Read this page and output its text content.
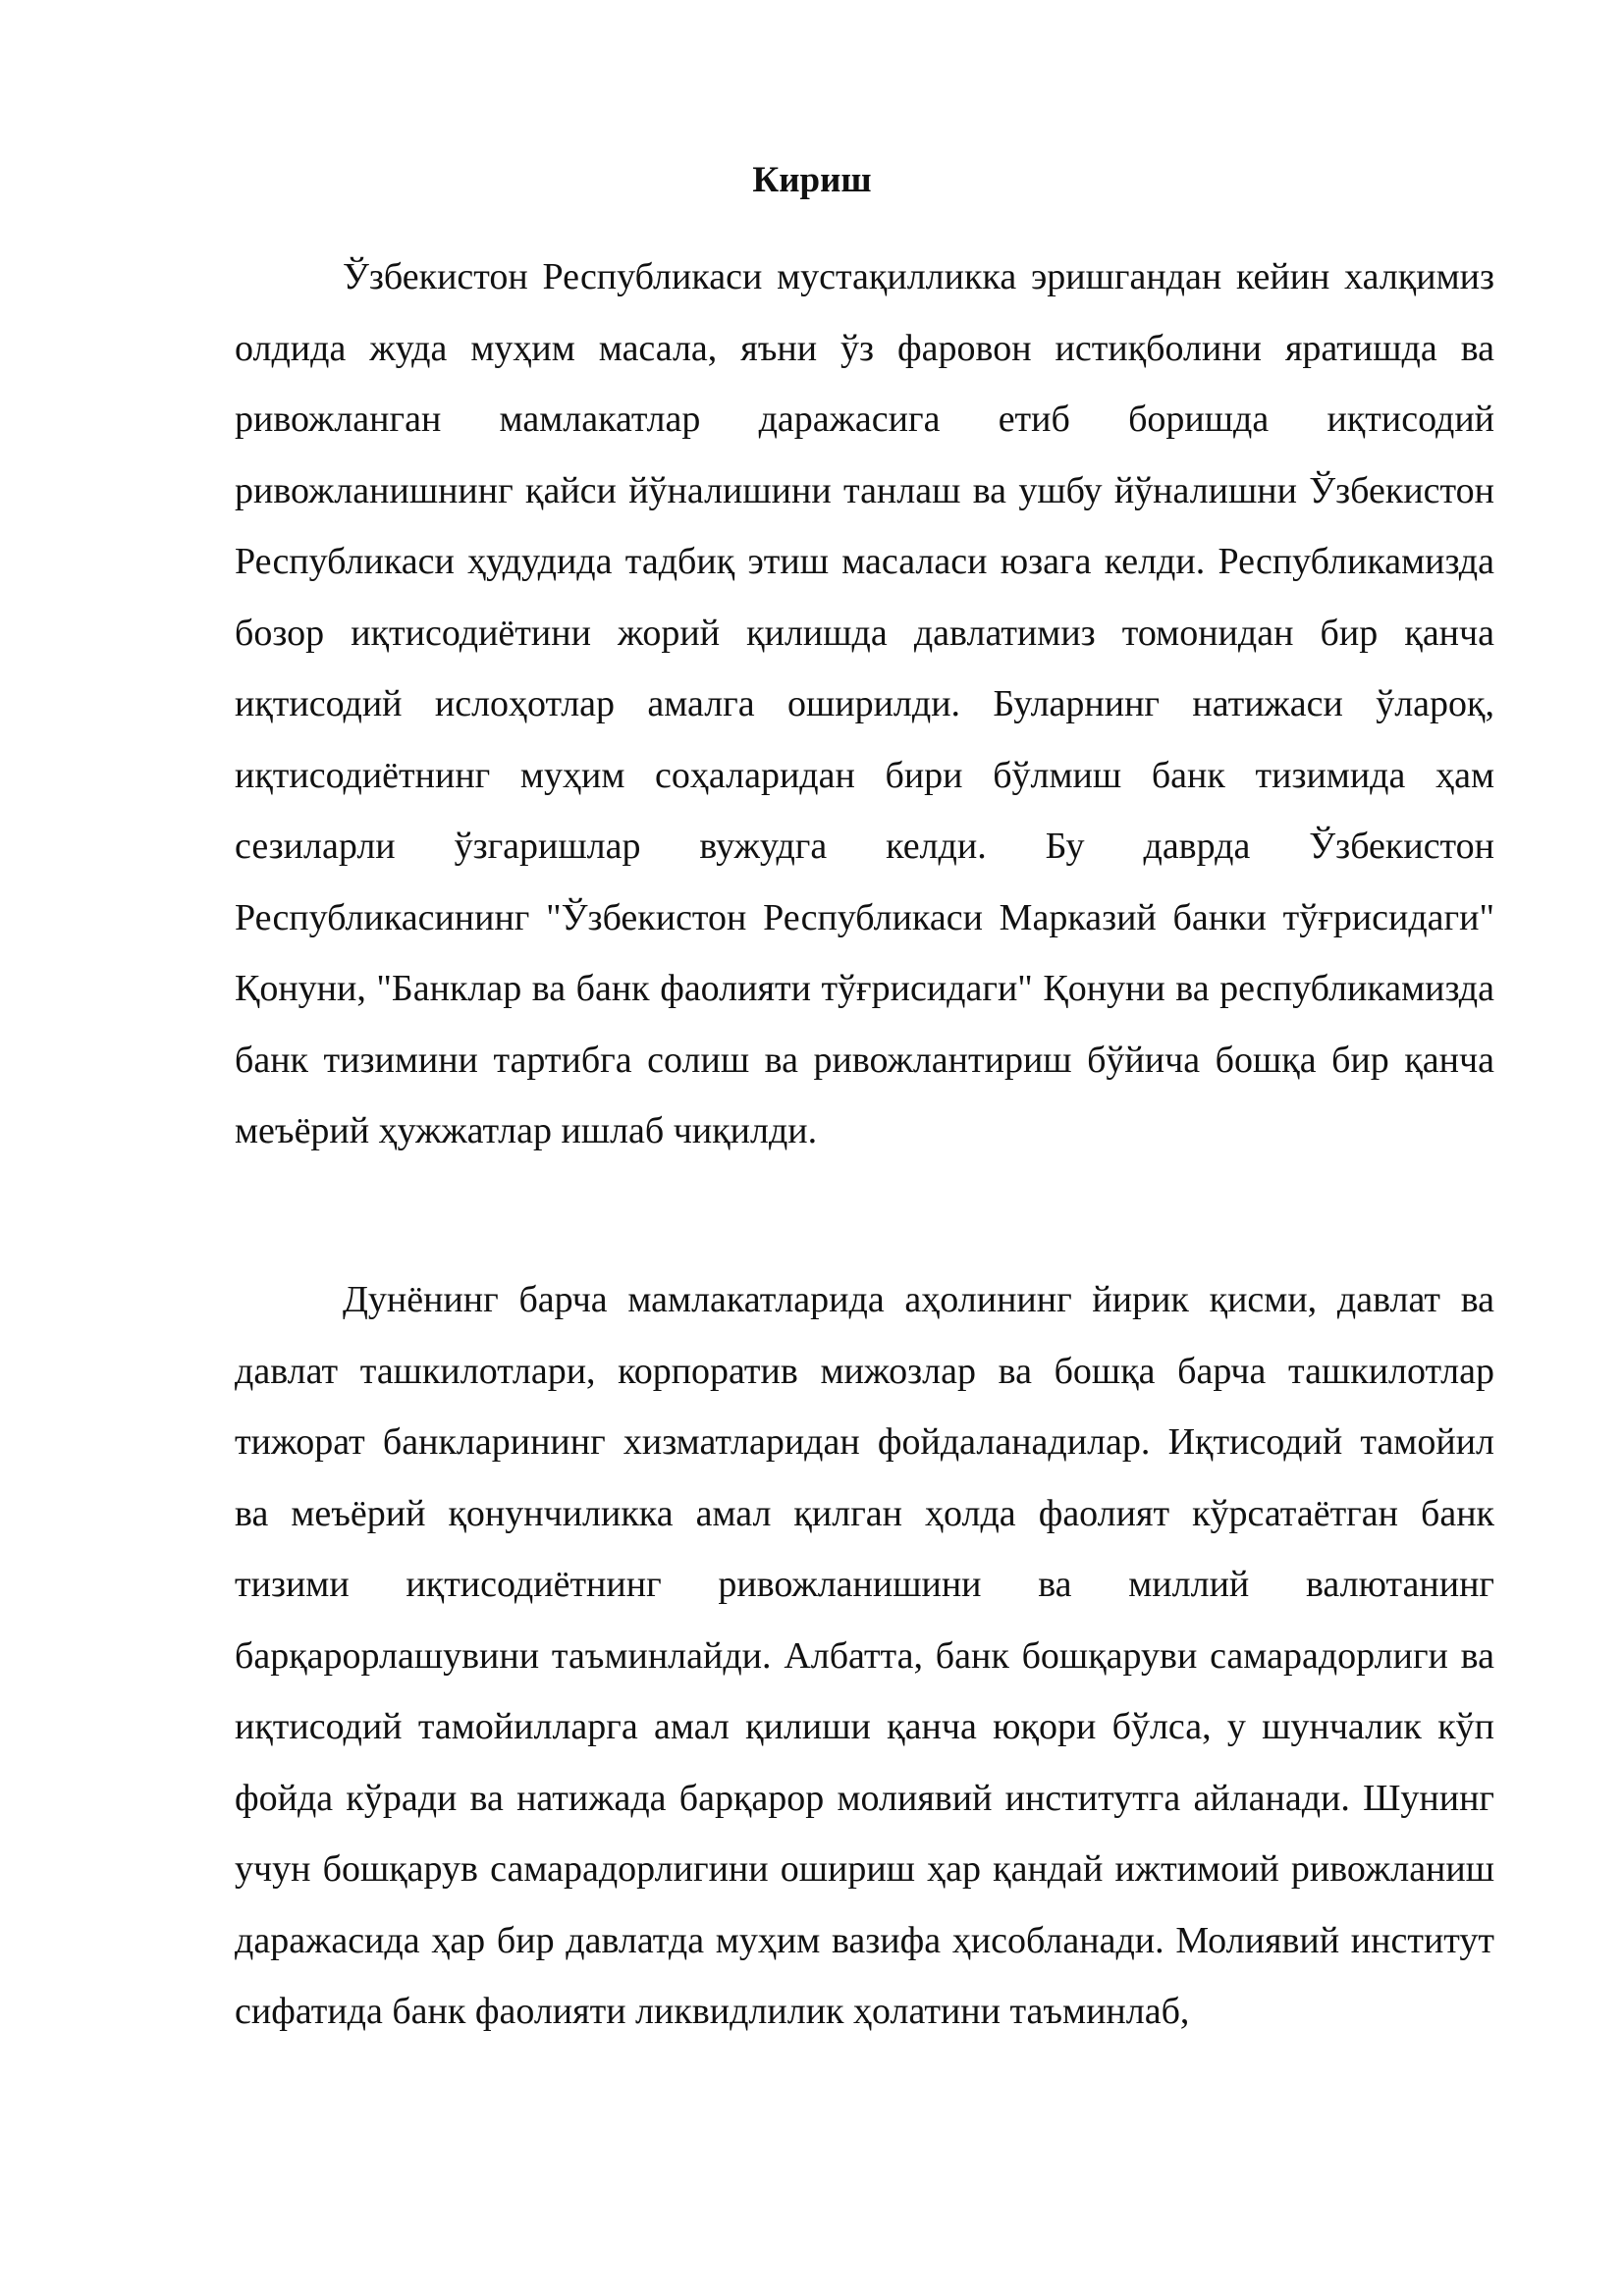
Кириш

Ўзбекистон Республикаси мустақилликка эришгандан кейин халқимиз олдида жуда муҳим масала, яъни ўз фаровон истиқболини яратишда ва ривожланган мамлакатлар даражасига етиб боришда иқтисодий ривожланишнинг қайси йўналишини танлаш ва ушбу йўналишни Ўзбекистон Республикаси ҳудудида тадбиқ этиш масаласи юзага келди. Республикамизда бозор иқтисодиётини жорий қилишда давлатимиз томонидан бир қанча иқтисодий ислоҳотлар амалга оширилди. Буларнинг натижаси ўларoқ, иқтисодиётнинг муҳим соҳаларидан бири бўлмиш банк тизимида ҳам сезиларли ўзгаришлар вужудга келди. Бу даврда Ўзбекистон Республикасининг "Ўзбекистон Республикаси Марказий банки тўғрисидаги" Қонуни, "Банклар ва банк фаолияти тўғрисидаги" Қонуни ва республикамизда банк тизимини тартибга солиш ва ривожлантириш бўйича бошқа бир қанча меъёрий ҳужжатлар ишлаб чиқилди.

Дунёнинг барча мамлакатларида аҳолининг йирик қисми, давлат ва давлат ташкилотлари, корпоратив мижозлар ва бошқа барча ташкилотлар тижорат банкларининг хизматларидан фойдаланадилар. Иқтисодий тамойил ва меъёрий қонунчиликка амал қилган ҳолда фаолият кўрсатаётган банк тизими иқтисодиётнинг ривожланишини ва миллий валютанинг барқарорлашувини таъминлайди. Албатта, банк бошқаруви самарадорлиги ва иқтисодий тамойилларга амал қилиши қанча юқори бўлса, у шунчалик кўп фойда кўради ва натижада барқарор молиявий институтга айланади. Шунинг учун бошқарув самарадорлигини ошириш ҳар қандай ижтимоий ривожланиш даражасида ҳар бир давлатда муҳим вазифа ҳисобланади. Молиявий институт сифатида банк фаолияти ликвидлилик ҳолатини таъминлаб,
